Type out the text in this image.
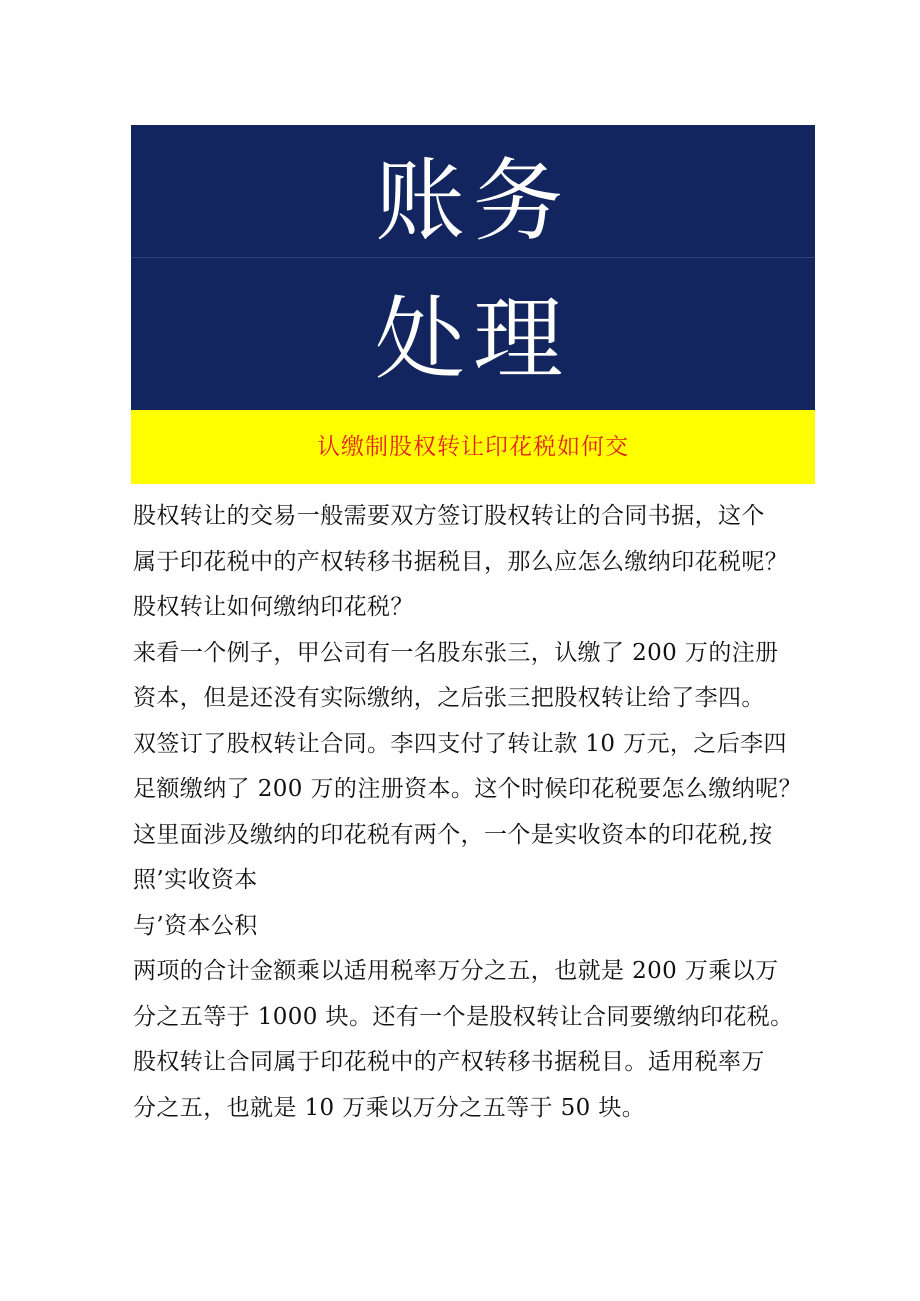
账务
处理
认缴制股权转让印花税如何交
股权转让的交易一般需要双方签订股权转让的合同书据，这个
属于印花税中的产权转移书据税目，那么应怎么缴纳印花税呢？
股权转让如何缴纳印花税？
来看一个例子，甲公司有一名股东张三，认缴了 200 万的注册
资本，但是还没有实际缴纳，之后张三把股权转让给了李四。
双签订了股权转让合同。李四支付了转让款 10 万元，之后李四
足额缴纳了 200 万的注册资本。这个时候印花税要怎么缴纳呢？
这里面涉及缴纳的印花税有两个，一个是实收资本的印花税,按
照’实收资本
与’资本公积
两项的合计金额乘以适用税率万分之五，也就是 200 万乘以万
分之五等于 1000 块。还有一个是股权转让合同要缴纳印花税。
股权转让合同属于印花税中的产权转移书据税目。适用税率万
分之五，也就是 10 万乘以万分之五等于 50 块。
